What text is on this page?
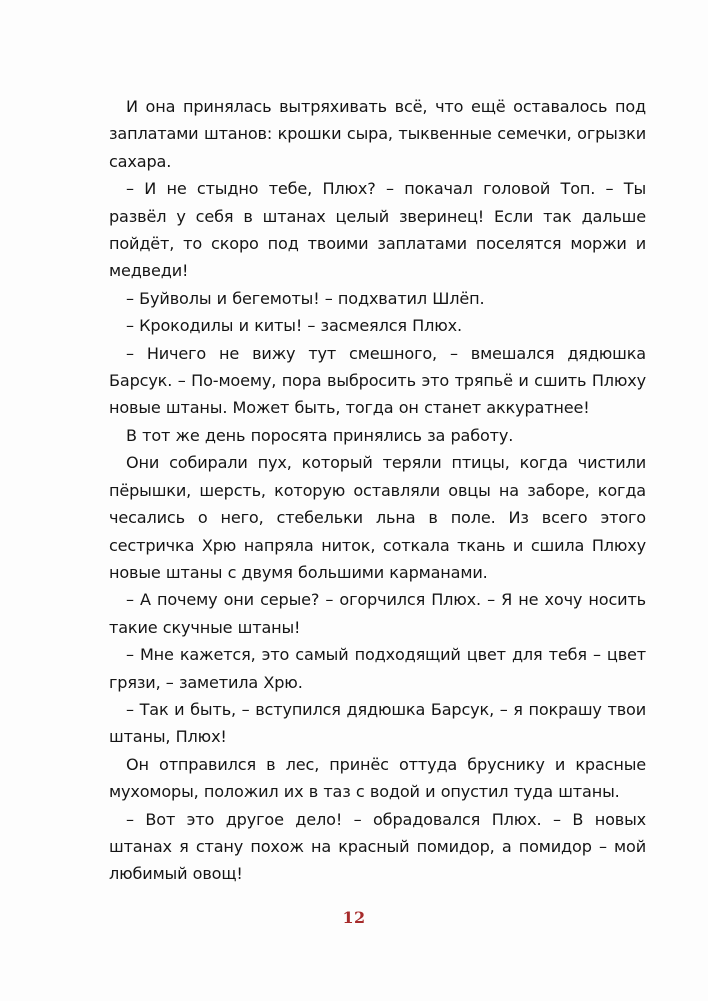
И она принялась вытряхивать всё, что ещё оставалось под заплатами штанов: крошки сыра, тыквенные семечки, огрызки сахара.

– И не стыдно тебе, Плюх? – покачал головой Топ. – Ты развёл у себя в штанах целый зверинец! Если так дальше пойдёт, то скоро под твоими заплатами поселятся моржи и медведи!

– Буйволы и бегемоты! – подхватил Шлёп.

– Крокодилы и киты! – засмеялся Плюх.

– Ничего не вижу тут смешного, – вмешался дядюшка Барсук. – По-моему, пора выбросить это тряпьё и сшить Плюху новые штаны. Может быть, тогда он станет аккуратнее!

В тот же день поросята принялись за работу.

Они собирали пух, который теряли птицы, когда чистили пёрышки, шерсть, которую оставляли овцы на заборе, когда чесались о него, стебельки льна в поле. Из всего этого сестричка Хрю напряла ниток, соткала ткань и сшила Плюху новые штаны с двумя большими карманами.

– А почему они серые? – огорчился Плюх. – Я не хочу носить такие скучные штаны!

– Мне кажется, это самый подходящий цвет для тебя – цвет грязи, – заметила Хрю.

– Так и быть, – вступился дядюшка Барсук, – я покрашу твои штаны, Плюх!

Он отправился в лес, принёс оттуда бруснику и красные мухоморы, положил их в таз с водой и опустил туда штаны.

– Вот это другое дело! – обрадовался Плюх. – В новых штанах я стану похож на красный помидор, а помидор – мой любимый овощ!

12
